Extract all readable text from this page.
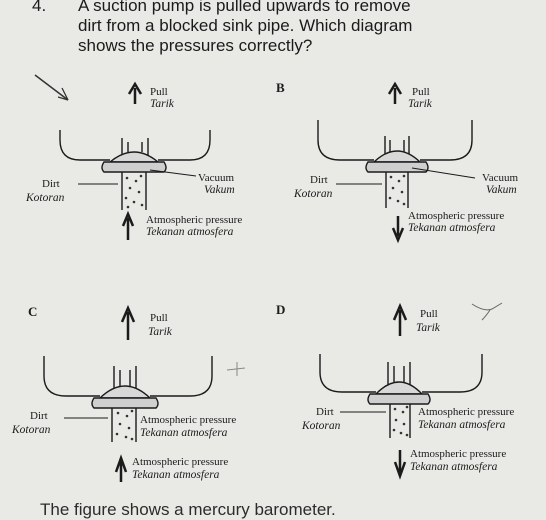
4. A suction pump is pulled upwards to remove
dirt from a blocked sink pipe. Which diagram
shows the pressures correctly?
Pull
Tarik
Dirt
Kotoran
Vacuum
Vakum
Atmospheric pressure
Tekanan atmosfera
B	Pull
Tarik
Dirt
Kotoran
Vacuum
Vakum
Atmospheric pressure
Tekanan atmosfera
C	Pull
Tarik
Dirt
Kotoran
Atmospheric pressure
Tekanan atmosfera
Atmospheric pressure
Tekanan atmosfera
D	Pull
Tarik
Dirt
Kotoran
Atmospheric pressure
Tekanan atmosfera
Atmospheric pressure
Tekanan atmosfera
The figure shows a mercury barometer.
